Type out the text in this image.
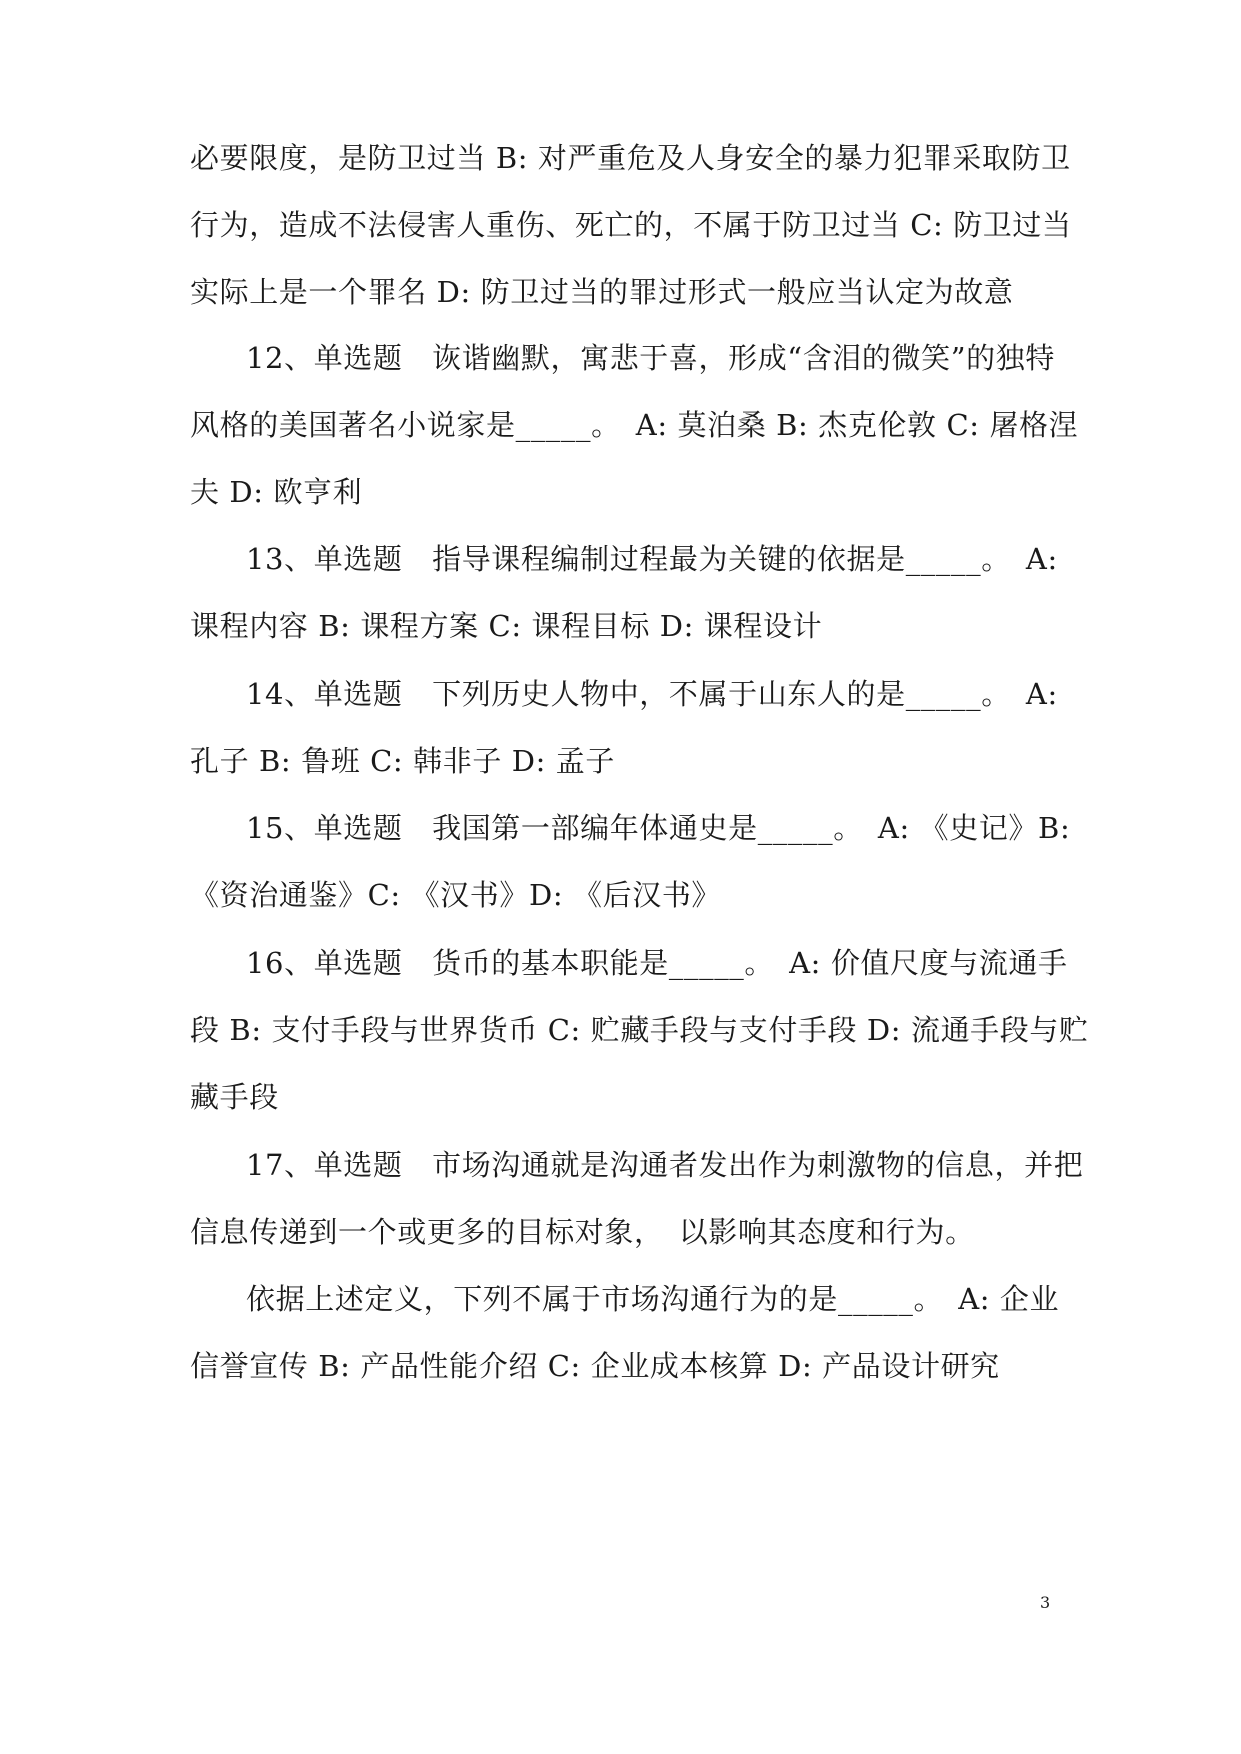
必要限度，是防卫过当 B: 对严重危及人身安全的暴力犯罪采取防卫
行为，造成不法侵害人重伤、死亡的，不属于防卫过当 C: 防卫过当
实际上是一个罪名 D: 防卫过当的罪过形式一般应当认定为故意
12、单选题　诙谐幽默，寓悲于喜，形成“含泪的微笑”的独特
风格的美国著名小说家是_____。　A: 莫泊桑 B: 杰克伦敦 C: 屠格涅
夫 D: 欧亨利
13、单选题　指导课程编制过程最为关键的依据是_____。　A:
课程内容 B: 课程方案 C: 课程目标 D: 课程设计
14、单选题　下列历史人物中，不属于山东人的是_____。　A:
孔子 B: 鲁班 C: 韩非子 D: 孟子
15、单选题　我国第一部编年体通史是_____。　A: 《史记》B:
《资治通鉴》C: 《汉书》D: 《后汉书》
16、单选题　货币的基本职能是_____。　A: 价值尺度与流通手
段 B: 支付手段与世界货币 C: 贮藏手段与支付手段 D: 流通手段与贮
藏手段
17、单选题　市场沟通就是沟通者发出作为刺激物的信息，并把
信息传递到一个或更多的目标对象，　以影响其态度和行为。
依据上述定义，下列不属于市场沟通行为的是_____。　A: 企业
信誉宣传 B: 产品性能介绍 C: 企业成本核算 D: 产品设计研究
3
